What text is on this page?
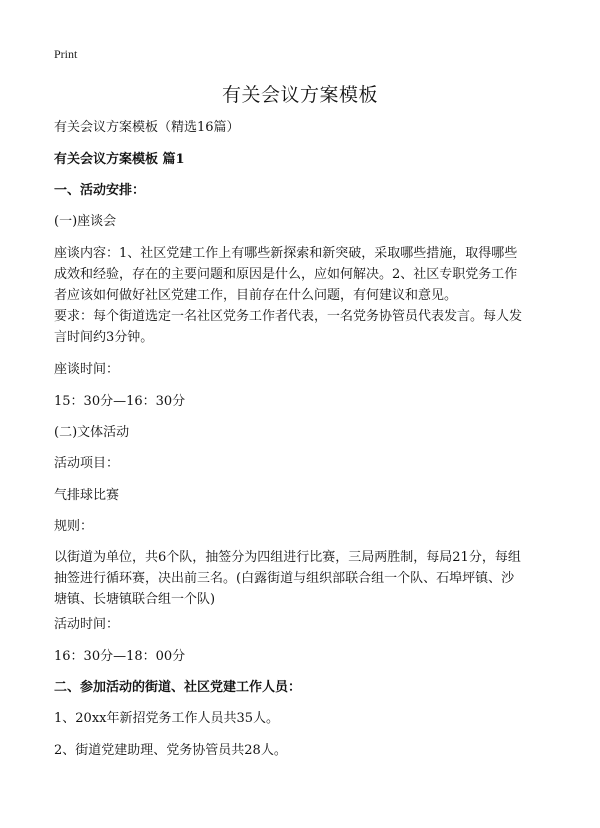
Print
有关会议方案模板

有关会议方案模板（精选16篇）

有关会议方案模板 篇1

一、活动安排：

(一)座谈会

座谈内容：1、社区党建工作上有哪些新探索和新突破，采取哪些措施，取得哪些
成效和经验，存在的主要问题和原因是什么，应如何解决。2、社区专职党务工作
者应该如何做好社区党建工作，目前存在什么问题，有何建议和意见。
要求：每个街道选定一名社区党务工作者代表，一名党务协管员代表发言。每人发
言时间约3分钟。

座谈时间：

15：30分—16：30分

(二)文体活动

活动项目：

气排球比赛

规则：

以街道为单位，共6个队，抽签分为四组进行比赛，三局两胜制，每局21分，每组
抽签进行循环赛，决出前三名。(白露街道与组织部联合组一个队、石埠坪镇、沙
塘镇、长塘镇联合组一个队)

活动时间：

16：30分—18：00分

二、参加活动的街道、社区党建工作人员：

1、20xx年新招党务工作人员共35人。

2、街道党建助理、党务协管员共28人。
